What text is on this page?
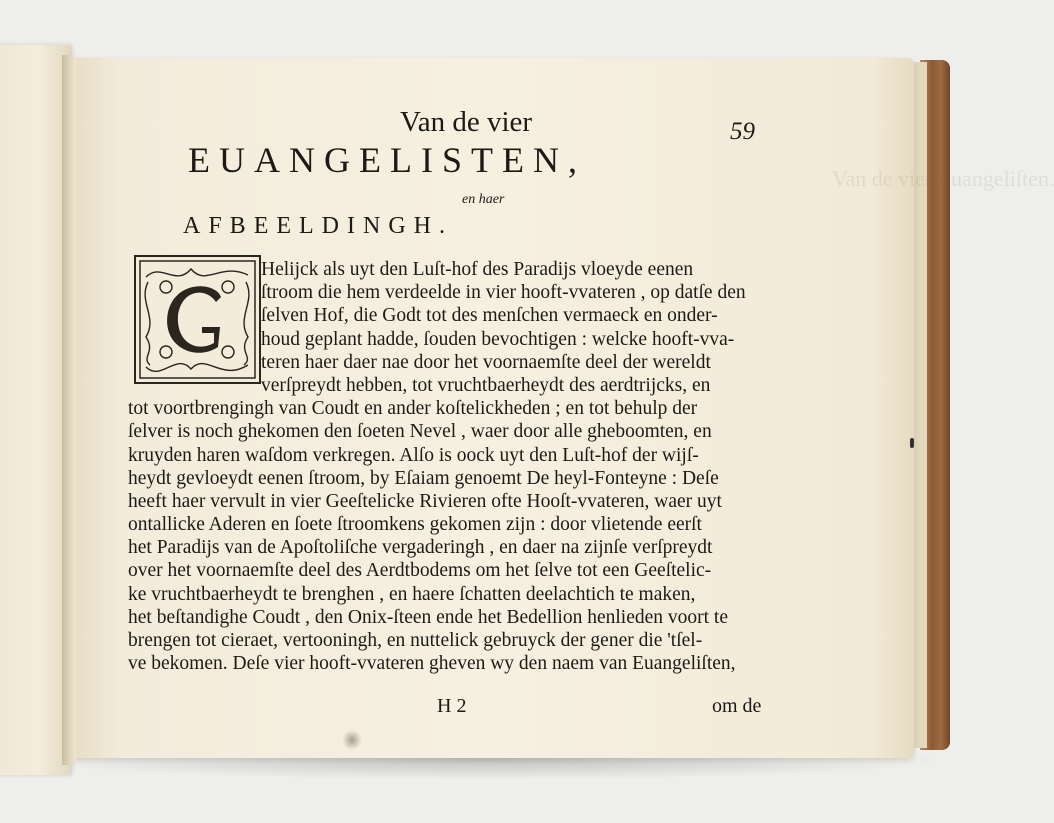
Van de vier Euangeliſten.
Van de vier	59
EUANGELISTEN,
en haer
AFBEELDINGH.
Helijck als uyt den Luſt-hof des Paradijs vloeyde eenen
ſtroom die hem verdeelde in vier hooft-vvateren , op datſe den
ſelven Hof, die Godt tot des menſchen vermaeck en onder-
houd geplant hadde, ſouden bevochtigen : welcke hooft-vva-
teren haer daer nae door het voornaemſte deel der wereldt
verſpreydt hebben, tot vruchtbaerheydt des aerdtrijcks, en
tot voortbrengingh van Coudt en ander koſtelickheden ; en tot behulp der
ſelver is noch ghekomen den ſoeten Nevel , waer door alle gheboomten, en
kruyden haren waſdom verkregen. Alſo is oock uyt den Luſt-hof der wijſ-
heydt gevloeydt eenen ſtroom, by Eſaiam genoemt De heyl-Fonteyne : Deſe
heeft haer vervult in vier Geeſtelicke Rivieren ofte Hooſt-vvateren, waer uyt
ontallicke Aderen en ſoete ſtroomkens gekomen zijn : door vlietende eerſt
het Paradijs van de Apoſtoliſche vergaderingh , en daer na zijnſe verſpreydt
over het voornaemſte deel des Aerdtbodems om het ſelve tot een Geeſtelic-
ke vruchtbaerheydt te brenghen , en haere ſchatten deelachtich te maken,
het beſtandighe Coudt , den Onix-ſteen ende het Bedellion henlieden voort te
brengen tot cieraet, vertooningh, en nuttelick gebruyck der gener die 'tſel-
ve bekomen. Deſe vier hooft-vvateren gheven wy den naem van Euangeliſten,
H 2	om de
